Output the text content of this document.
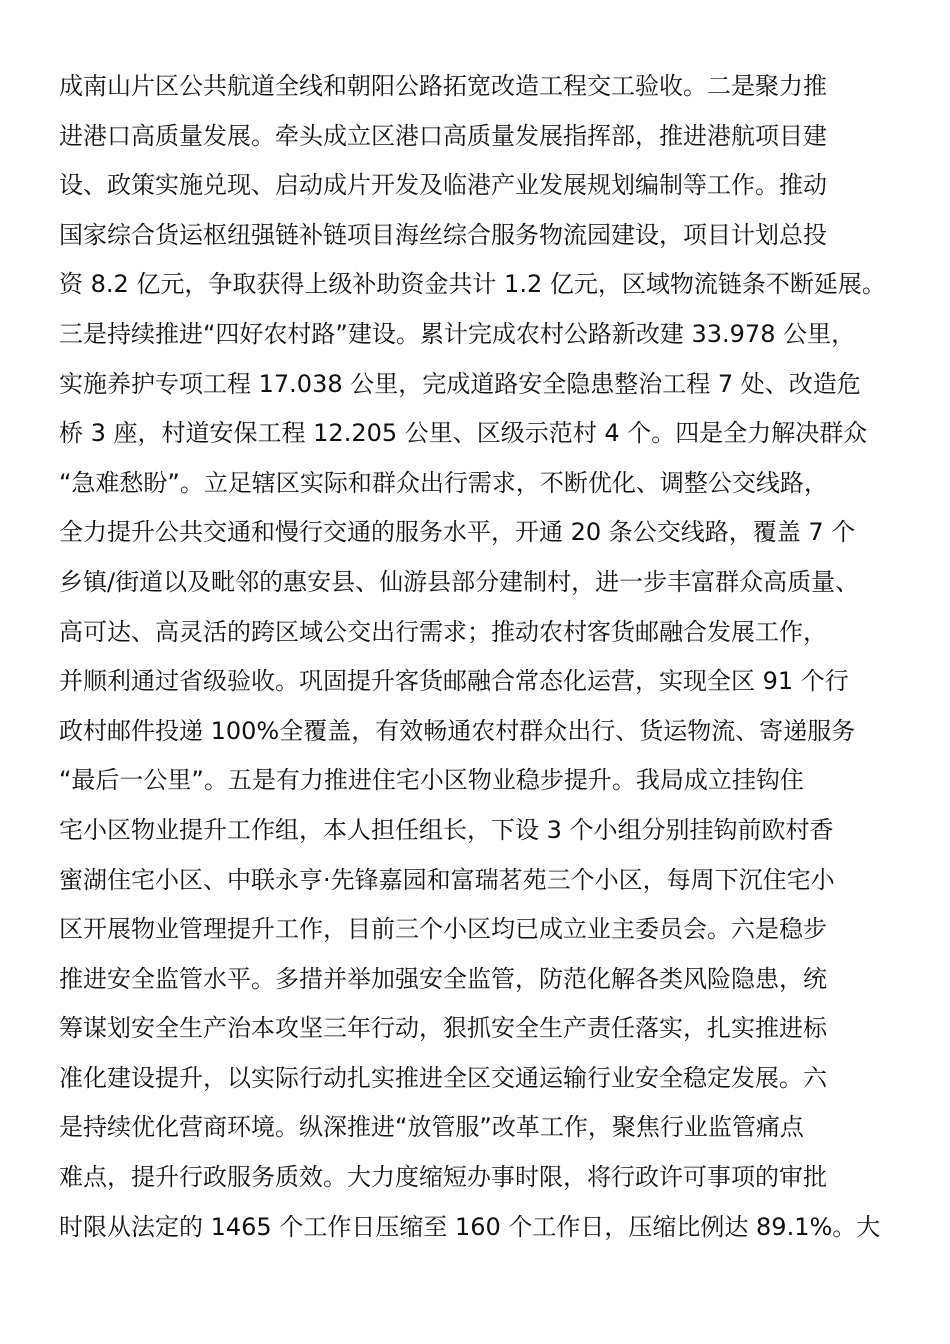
成南山片区公共航道全线和朝阳公路拓宽改造工程交工验收。二是聚力推
进港口高质量发展。牵头成立区港口高质量发展指挥部，推进港航项目建
设、政策实施兑现、启动成片开发及临港产业发展规划编制等工作。推动
国家综合货运枢纽强链补链项目海丝综合服务物流园建设，项目计划总投
资 8.2 亿元，争取获得上级补助资金共计 1.2 亿元，区域物流链条不断延展。
三是持续推进“四好农村路”建设。累计完成农村公路新改建 33.978 公里，
实施养护专项工程 17.038 公里，完成道路安全隐患整治工程 7 处、改造危
桥 3 座，村道安保工程 12.205 公里、区级示范村 4 个。四是全力解决群众
“急难愁盼”。立足辖区实际和群众出行需求，不断优化、调整公交线路，
全力提升公共交通和慢行交通的服务水平，开通 20 条公交线路，覆盖 7 个
乡镇/街道以及毗邻的惠安县、仙游县部分建制村，进一步丰富群众高质量、
高可达、高灵活的跨区域公交出行需求；推动农村客货邮融合发展工作，
并顺利通过省级验收。巩固提升客货邮融合常态化运营，实现全区 91 个行
政村邮件投递 100%全覆盖，有效畅通农村群众出行、货运物流、寄递服务
“最后一公里”。五是有力推进住宅小区物业稳步提升。我局成立挂钩住
宅小区物业提升工作组，本人担任组长，下设 3 个小组分别挂钩前欧村香
蜜湖住宅小区、中联永亨·先锋嘉园和富瑞茗苑三个小区，每周下沉住宅小
区开展物业管理提升工作，目前三个小区均已成立业主委员会。六是稳步
推进安全监管水平。多措并举加强安全监管，防范化解各类风险隐患，统
筹谋划安全生产治本攻坚三年行动，狠抓安全生产责任落实，扎实推进标
准化建设提升，以实际行动扎实推进全区交通运输行业安全稳定发展。六
是持续优化营商环境。纵深推进“放管服”改革工作，聚焦行业监管痛点
难点，提升行政服务质效。大力度缩短办事时限，将行政许可事项的审批
时限从法定的 1465 个工作日压缩至 160 个工作日，压缩比例达 89.1%。大
